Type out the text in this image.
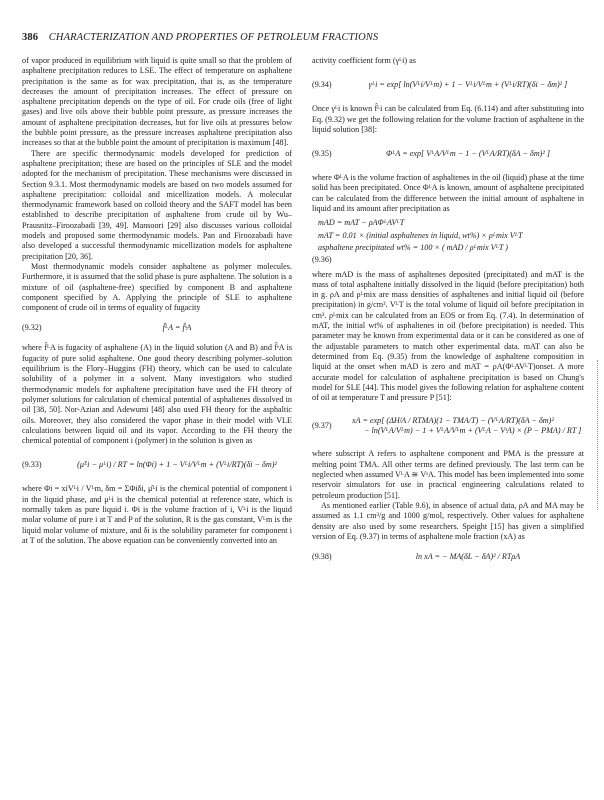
386 CHARACTERIZATION AND PROPERTIES OF PETROLEUM FRACTIONS

of vapor produced in equilibrium with liquid is quite small so that the problem of asphaltene precipitation reduces to LSE. The effect of temperature on asphaltene precipitation is the same as for wax precipitation, that is, as the temperature decreases the amount of precipitation increases. The effect of pressure on asphaltene precipitation depends on the type of oil. For crude oils (free of light gases) and live oils above their bubble point pressure, as pressure increases the amount of asphaltene precipitation decreases, but for live oils at pressures below the bubble point pressure, as the pressure increases asphaltene precipitation also increases so that at the bubble point the amount of precipitation is maximum [48].

There are specific thermodynamic models developed for prediction of asphaltene precipitation; these are based on the principles of SLE and the model adopted for the mechanism of precipitation. These mechanisms were discussed in Section 9.3.1. Most thermodynamic models are based on two models assumed for asphaltene precipitation: colloidal and micellization models. A molecular thermodynamic framework based on colloid theory and the SAFT model has been established to describe precipitation of asphaltene from crude oil by Wu–Prausnitz–Firoozabadi [39, 49]. Mansoori [29] also discusses various colloidal models and proposed some thermodynamic models. Pan and Firoozabadi have also developed a successful thermodynamic micellization models for asphaltene precipitation [20, 36].

Most thermodynamic models consider asphaltene as polymer molecules. Furthermore, it is assumed that the solid phase is pure asphaltene. The solution is a mixture of oil (asphaltene-free) specified by component B and asphaltene component specified by A. Applying the principle of SLE to asphaltene component of crude oil in terms of equality of fugacity

(9.32)	f̂ᴸA = f̂ˢA

where f̂ᴸA is fugacity of asphaltene (A) in the liquid solution (A and B) and f̂ˢA is fugacity of pure solid asphaltene. One good theory describing polymer–solution equilibrium is the Flory–Huggins (FH) theory, which can be used to calculate solubility of a polymer in a solvent. Many investigators who studied thermodynamic models for asphaltene precipitation have used the FH theory of polymer solutions for calculation of chemical potential of asphaltenes dissolved in oil [38, 50]. Nor-Azian and Adewumi [48] also used FH theory for the asphaltic oils. Moreover, they also considered the vapor phase in their model with VLE calculations between liquid oil and its vapor. According to the FH theory the chemical potential of component i (polymer) in the solution is given as

(9.33)	(μ̂ᴸi − μᴸi) / RT = ln(Φi) + 1 − Vᴸi/Vᴸm + (Vᴸi/RT)(δi − δm)²

where Φi = xiVᴸi / Vᴸm, δm = ΣΦiδi, μ̂ᴸi is the chemical potential of component i in the liquid phase, and μᴸi is the chemical potential at reference state, which is normally taken as pure liquid i. Φi is the volume fraction of i, Vᴸi is the liquid molar volume of pure i at T and P of the solution, R is the gas constant, Vᴸm is the liquid molar volume of mixture, and δi is the solubility parameter for component i at T of the solution. The above equation can be conveniently converted into an

activity coefficient form (γᴸi) as

(9.34)	γᴸi = exp[ ln(Vᴸi/Vᴸm) + 1 − Vᴸi/Vᴸm + (Vᴸi/RT)(δi − δm)² ]

Once γᴸi is known f̂ᴸi can be calculated from Eq. (6.114) and after substituting into Eq. (9.32) we get the following relation for the volume fraction of asphaltene in the liquid solution [38]:

(9.35)	ΦᴸA = exp[ VᴸA/Vᴸm − 1 − (VᴸA/RT)(δA − δm)² ]

where ΦᴸA is the volume fraction of asphaltenes in the oil (liquid) phase at the time solid has been precipitated. Once ΦᴸA is known, amount of asphaltene precipitated can be calculated from the difference between the initial amount of asphaltene in liquid and its amount after precipitation as

mAD = mAT − ρAΦᴸAVᴸT
mAT = 0.01 × (initial asphaltenes in liquid, wt%) × ρᴸmix VᴸT
asphaltene precipitated wt% = 100 × ( mAD / ρᴸmix VᴸT )
(9.36)

where mAD is the mass of asphaltenes deposited (precipitated) and mAT is the mass of total asphaltene initially dissolved in the liquid (before precipitation) both in g. ρA and ρᴸmix are mass densities of asphaltenes and initial liquid oil (before precipitation) in g/cm³. VᴸT is the total volume of liquid oil before precipitation in cm³. ρᴸmix can be calculated from an EOS or from Eq. (7.4). In determination of mAT, the initial wt% of asphaltenes in oil (before precipitation) is needed. This parameter may be known from experimental data or it can be considered as one of the adjustable parameters to match other experimental data. mAT can also be determined from Eq. (9.35) from the knowledge of asphaltene composition in liquid at the onset when mAD is zero and mAT = ρA(ΦᴸAVᴸT)onset. A more accurate model for calculation of asphaltene precipitation is based on Chung's model for SLE [44]. This model gives the following relation for asphaltene content of oil at temperature T and pressure P [51]:

(9.37)
xA = exp[ (ΔHᶠA / RTMA)(1 − TMA/T) − (VᴸA/RT)(δA − δm)²
− ln(VᴸA/Vᴸm) − 1 + VᴸA/Vᴸm + (VᴸA − VˢA) × (P − PMA) / RT ]

where subscript A refers to asphaltene component and PMA is the pressure at melting point TMA. All other terms are defined previously. The last term can be neglected when assumed VᴸA ≅ VˢA. This model has been implemented into some reservoir simulators for use in practical engineering calculations related to petroleum production [51].

As mentioned earlier (Table 9.6), in absence of actual data, ρA and MA may be assumed as 1.1 cm³/g and 1000 g/mol, respectively. Other values for asphaltene density are also used by some researchers. Speight [15] has given a simplified version of Eq. (9.37) in terms of asphaltene mole fraction (xA) as

(9.38)	ln xA = − MA(δL − δA)² / RTρA
